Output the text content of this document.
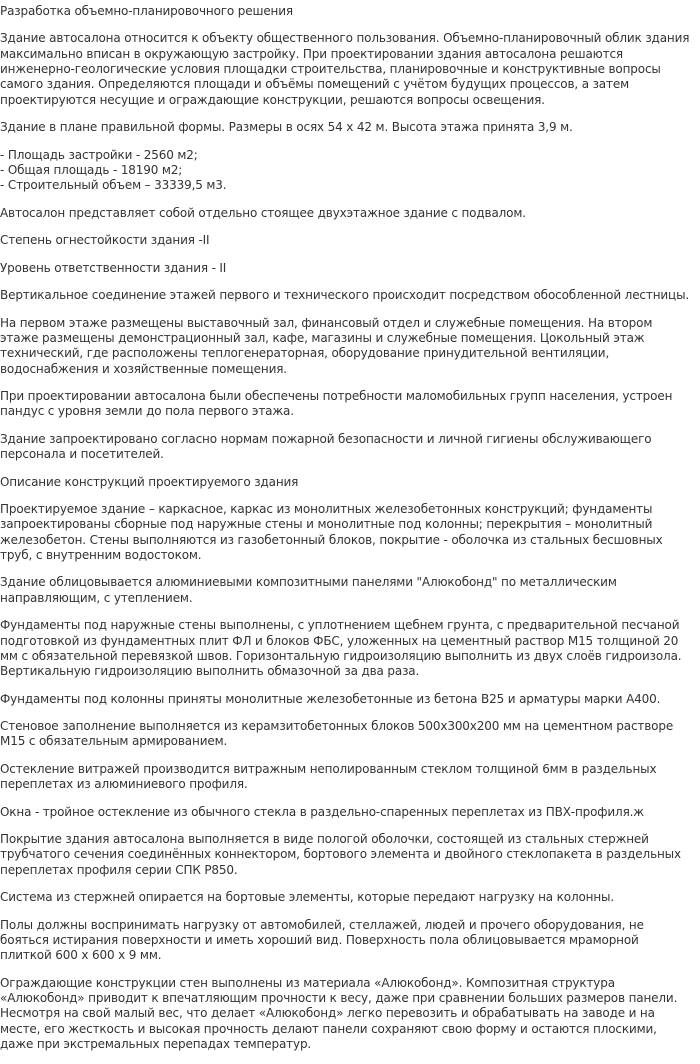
Разработка объемно-планировочного решения

Здание автосалона относится к объекту общественного пользования. Объемно-планировочный облик здания максимально вписан в окружающую застройку. При проектировании здания автосалона решаются инженерно-геологические условия площадки строительства, планировочные и конструктивные вопросы самого здания. Определяются площади и объёмы помещений с учётом будущих процессов, а затем проектируются несущие и ограждающие конструкции, решаются вопросы освещения.

Здание в плане правильной формы. Размеры в осях 54 х 42 м. Высота этажа принята 3,9 м.

- Площадь застройки - 2560 м2;

- Общая площадь - 18190 м2;

- Строительный объем – 33339,5 м3.

Автосалон представляет собой отдельно стоящее двухэтажное здание с подвалом.

Степень огнестойкости здания -II

Уровень ответственности здания - II

Вертикальное соединение этажей первого и технического происходит посредством обособленной лестницы.

На первом этаже размещены выставочный зал, финансовый отдел и служебные помещения. На втором этаже размещены демонстрационный зал, кафе, магазины и служебные помещения. Цокольный этаж технический, где расположены теплогенераторная, оборудование принудительной вентиляции, водоснабжения и хозяйственные помещения.

При проектировании автосалона были обеспечены потребности маломобильных групп населения, устроен пандус с уровня земли до пола первого этажа.

Здание запроектировано согласно нормам пожарной безопасности и личной гигиены обслуживающего персонала и посетителей.

Описание конструкций проектируемого здания

Проектируемое здание – каркасное, каркас из монолитных железобетонных конструкций; фундаменты запроектированы сборные под наружные стены и монолитные под колонны; перекрытия – монолитный железобетон. Стены выполняются из газобетонный блоков, покрытие - оболочка из стальных бесшовных труб, с внутренним водостоком.

Здание облицовывается алюминиевыми композитными панелями "Алюкобонд" по металлическим направляющим, с утеплением.

Фундаменты под наружные стены выполнены, с уплотнением щебнем грунта, с предварительной песчаной подготовкой из фундаментных плит ФЛ и блоков ФБС, уложенных на цементный раствор М15 толщиной 20 мм с обязательной перевязкой швов. Горизонтальную гидроизоляцию выполнить из двух слоёв гидроизола. Вертикальную гидроизоляцию выполнить обмазочной за два раза.

Фундаменты под колонны приняты монолитные железобетонные из бетона В25 и арматуры марки А400.

Стеновое заполнение выполняется из керамзитобетонных блоков 500х300х200 мм на цементном растворе М15 с обязательным армированием.

Остекление витражей производится витражным неполированным стеклом толщиной 6мм в раздельных переплетах из алюминиевого профиля.

Окна - тройное остекление из обычного стекла в раздельно-спаренных переплетах из ПВХ-профиля.ж

Покрытие здания автосалона выполняется в виде пологой оболочки, состоящей из стальных стержней трубчатого сечения соединённых коннектором, бортового элемента и двойного стеклопакета в раздельных переплетах профиля серии СПК Р850.

Система из стержней опирается на бортовые элементы, которые передают нагрузку на колонны.

Полы должны воспринимать нагрузку от автомобилей, стеллажей, людей и прочего оборудования, не бояться истирания поверхности и иметь хороший вид. Поверхность пола облицовывается мраморной плиткой 600 х 600 х 9 мм.

Ограждающие конструкции стен выполнены из материала «Алюкобонд». Композитная структура «Алюкобонд» приводит к впечатляющим прочности к весу, даже при сравнении больших размеров панели. Несмотря на свой малый вес, что делает «Алюкобонд» легко перевозить и обрабатывать на заводе и на месте, его жесткость и высокая прочность делают панели сохраняют свою форму и остаются плоскими, даже при экстремальных перепадах температур.
